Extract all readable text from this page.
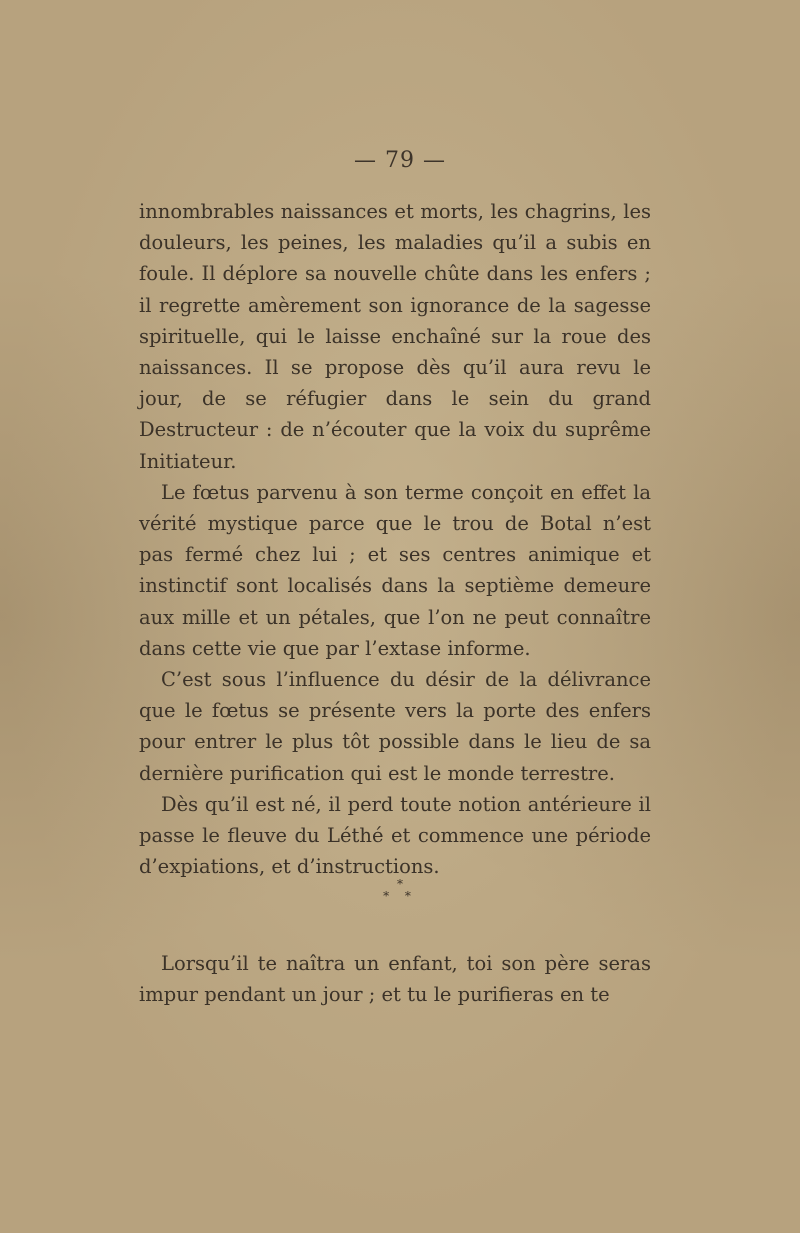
— 79 —

innombrables naissances et morts, les chagrins, les douleurs, les peines, les maladies qu’il a subis en foule. Il déplore sa nouvelle chûte dans les enfers ; il regrette amèrement son ignorance de la sagesse spirituelle, qui le laisse enchaîné sur la roue des naissances. Il se propose dès qu’il aura revu le jour, de se réfugier dans le sein du grand Destructeur : de n’écouter que la voix du suprême Initiateur.

Le fœtus parvenu à son terme conçoit en effet la vérité mystique parce que le trou de Botal n’est pas fermé chez lui ; et ses centres animique et instinctif sont localisés dans la septième demeure aux mille et un pétales, que l’on ne peut connaître dans cette vie que par l’extase informe.

C’est sous l’influence du désir de la délivrance que le fœtus se présente vers la porte des enfers pour entrer le plus tôt possible dans le lieu de sa dernière purification qui est le monde terrestre.

Dès qu’il est né, il perd toute notion antérieure il passe le fleuve du Léthé et commence une période d’expiations, et d’instructions.

*
* *

Lorsqu’il te naîtra un enfant, toi son père seras impur pendant un jour ; et tu le purifieras en te
